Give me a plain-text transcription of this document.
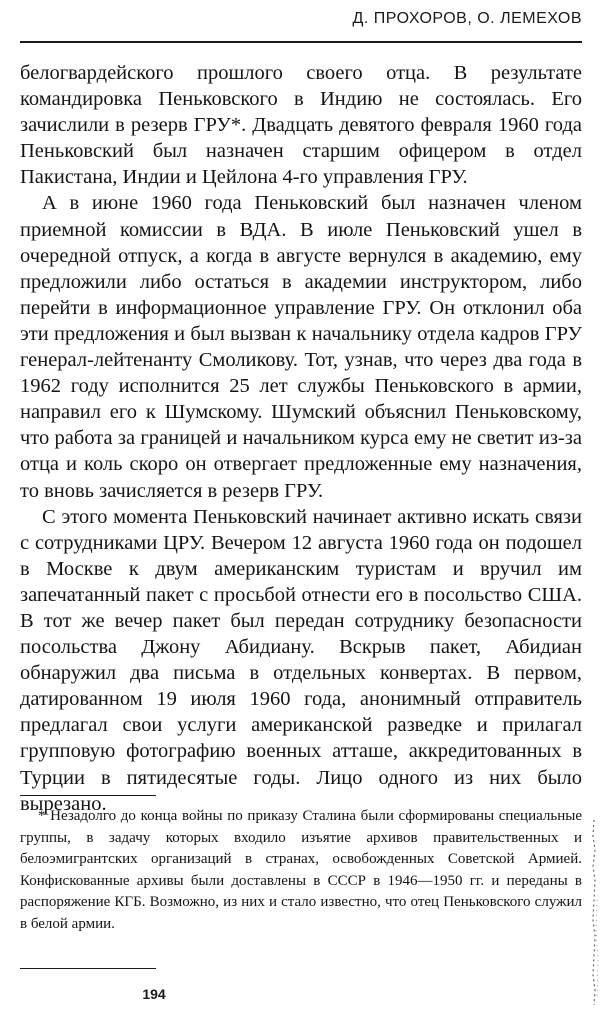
Д. ПРОХОРОВ, О. ЛЕМЕХОВ

белогвардейского прошлого своего отца. В результате командировка Пеньковского в Индию не состоялась. Его зачислили в резерв ГРУ*. Двадцать девятого февраля 1960 года Пеньковский был назначен старшим офицером в отдел Пакистана, Индии и Цейлона 4-го управления ГРУ.

А в июне 1960 года Пеньковский был назначен членом приемной комиссии в ВДА. В июле Пеньковский ушел в очередной отпуск, а когда в августе вернулся в академию, ему предложили либо остаться в академии инструктором, либо перейти в информационное управление ГРУ. Он отклонил оба эти предложения и был вызван к начальнику отдела кадров ГРУ генерал-лейтенанту Смоликову. Тот, узнав, что через два года в 1962 году исполнится 25 лет службы Пеньковского в армии, направил его к Шумскому. Шумский объяснил Пеньковскому, что работа за границей и начальником курса ему не светит из-за отца и коль скоро он отвергает предложенные ему назначения, то вновь зачисляется в резерв ГРУ.

С этого момента Пеньковский начинает активно искать связи с сотрудниками ЦРУ. Вечером 12 августа 1960 года он подошел в Москве к двум американским туристам и вручил им запечатанный пакет с просьбой отнести его в посольство США. В тот же вечер пакет был передан сотруднику безопасности посольства Джону Абидиану. Вскрыв пакет, Абидиан обнаружил два письма в отдельных конвертах. В первом, датированном 19 июля 1960 года, анонимный отправитель предлагал свои услуги американской разведке и прилагал групповую фотографию военных атташе, аккредитованных в Турции в пятидесятые годы. Лицо одного из них было вырезано.

* Незадолго до конца войны по приказу Сталина были сформированы специальные группы, в задачу которых входило изъятие архивов правительственных и белоэмигрантских организаций в странах, освобожденных Советской Армией. Конфискованные архивы были доставлены в СССР в 1946—1950 гг. и переданы в распоряжение КГБ. Возможно, из них и стало известно, что отец Пеньковского служил в белой армии.

194
